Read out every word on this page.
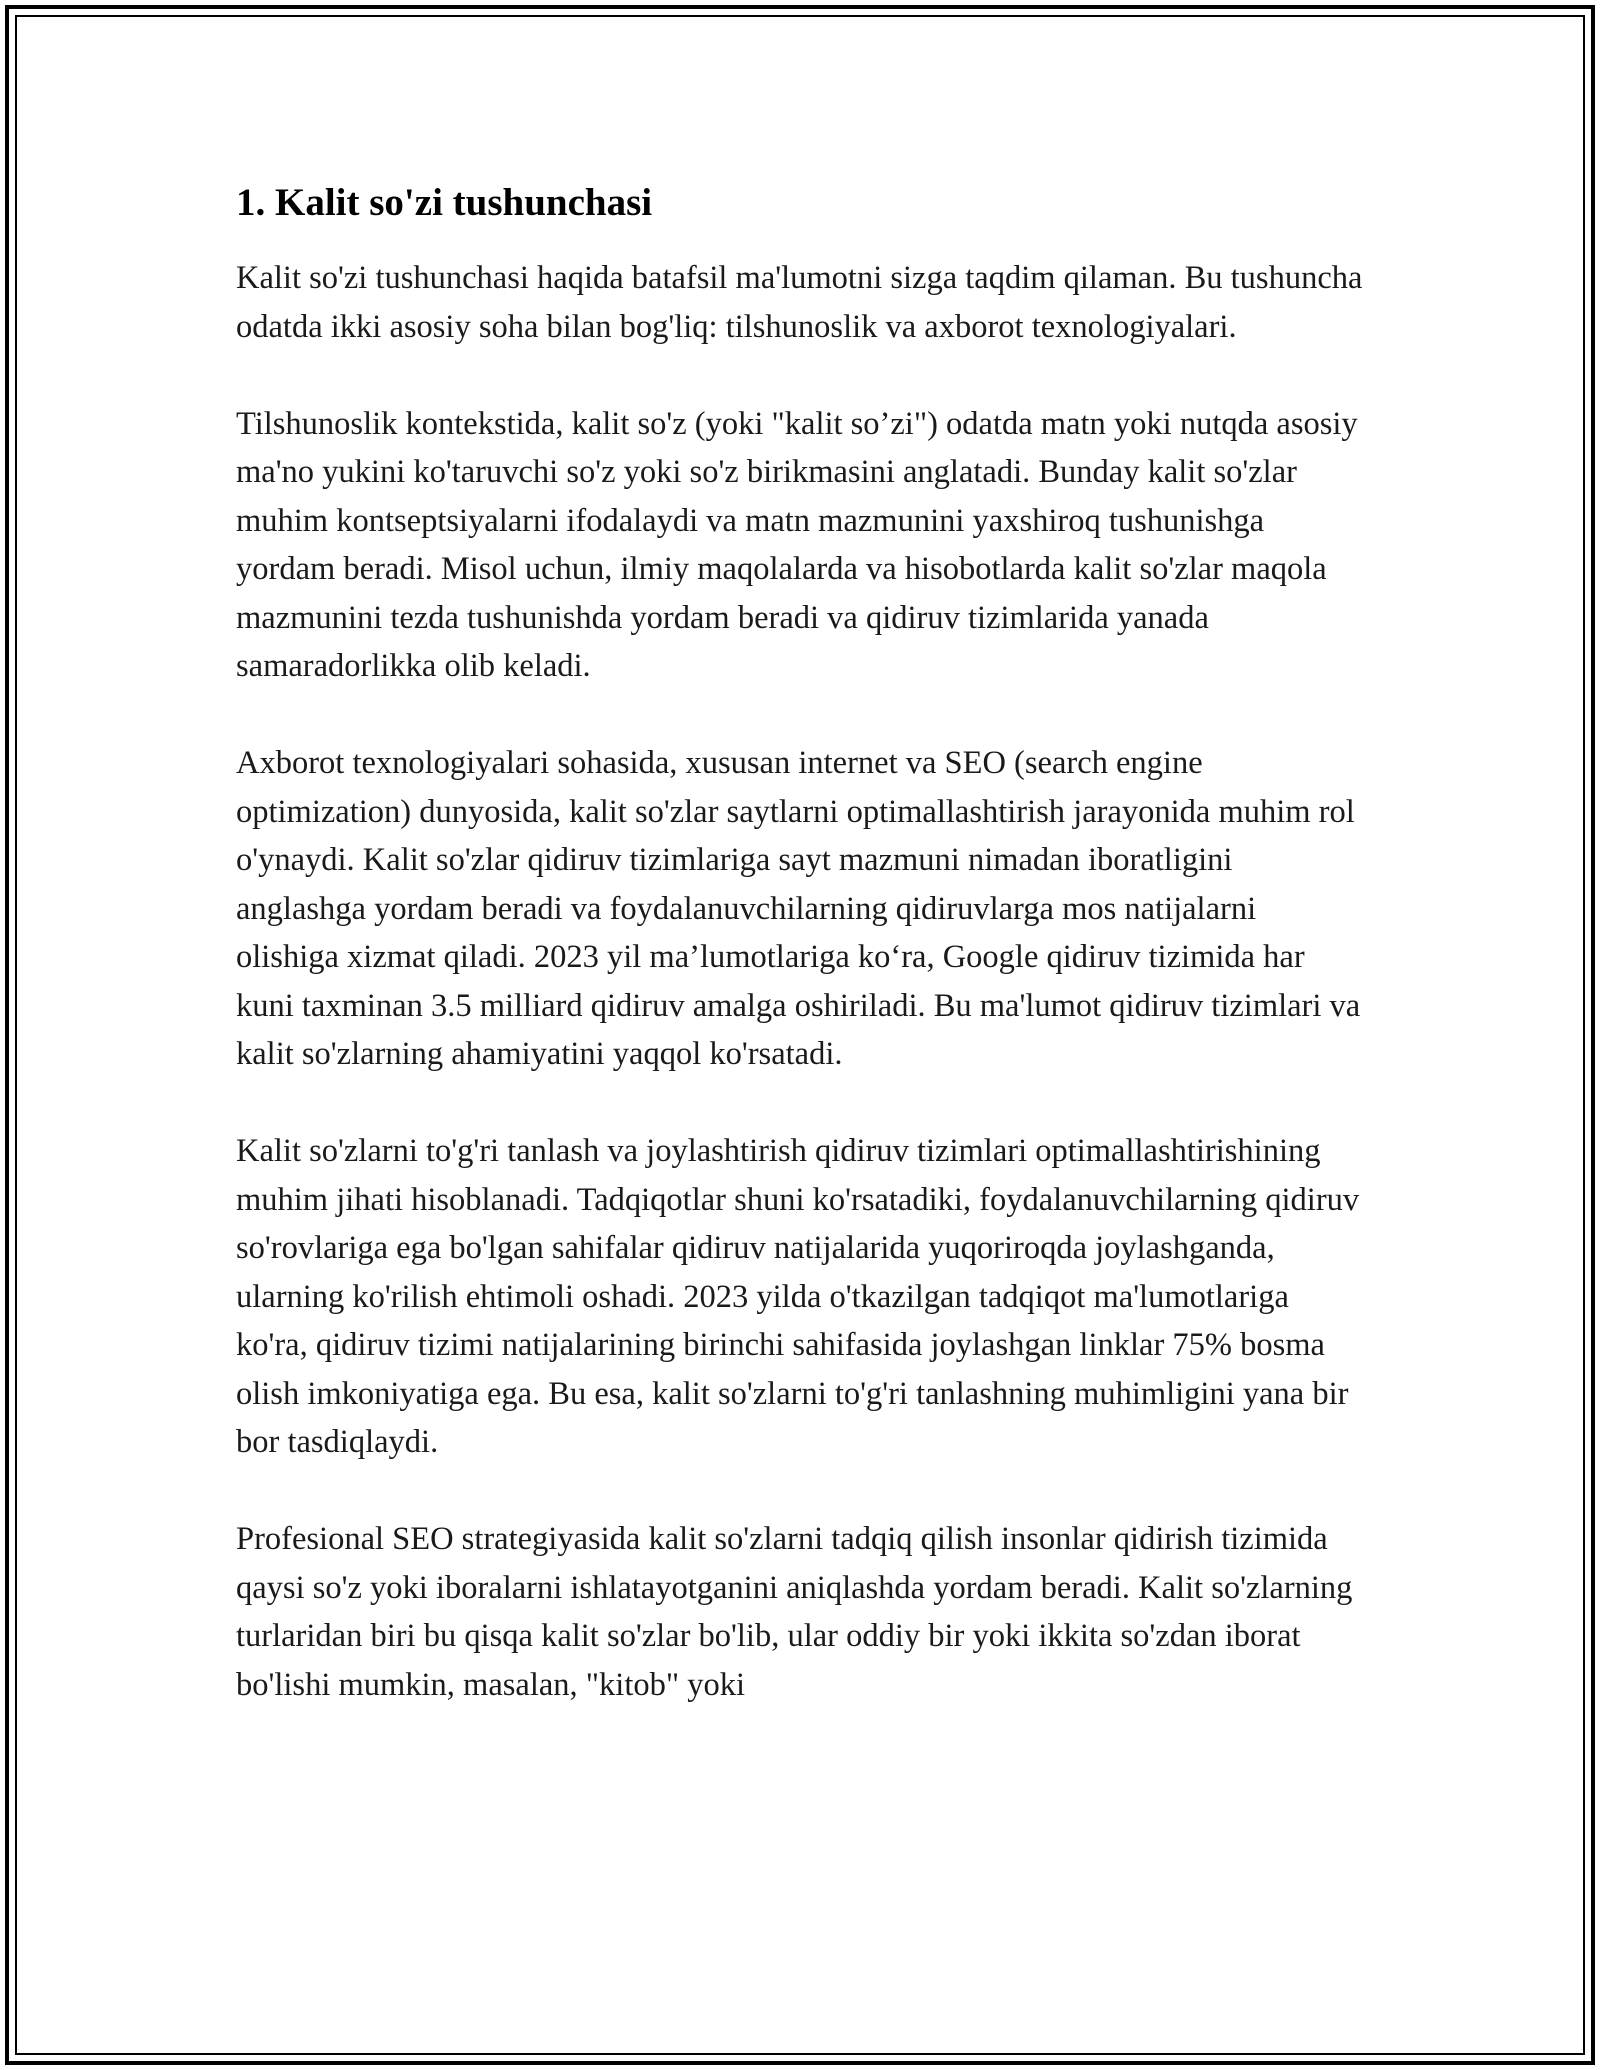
1. Kalit so'zi tushunchasi

Kalit so'zi tushunchasi haqida batafsil ma'lumotni sizga taqdim qilaman. Bu tushuncha odatda ikki asosiy soha bilan bog'liq: tilshunoslik va axborot texnologiyalari.

Tilshunoslik kontekstida, kalit so'z (yoki "kalit so’zi") odatda matn yoki nutqda asosiy ma'no yukini ko'taruvchi so'z yoki so'z birikmasini anglatadi. Bunday kalit so'zlar muhim kontseptsiyalarni ifodalaydi va matn mazmunini yaxshiroq tushunishga yordam beradi. Misol uchun, ilmiy maqolalarda va hisobotlarda kalit so'zlar maqola mazmunini tezda tushunishda yordam beradi va qidiruv tizimlarida yanada samaradorlikka olib keladi.

Axborot texnologiyalari sohasida, xususan internet va SEO (search engine optimization) dunyosida, kalit so'zlar saytlarni optimallashtirish jarayonida muhim rol o'ynaydi. Kalit so'zlar qidiruv tizimlariga sayt mazmuni nimadan iboratligini anglashga yordam beradi va foydalanuvchilarning qidiruvlarga mos natijalarni olishiga xizmat qiladi. 2023 yil ma’lumotlariga ko‘ra, Google qidiruv tizimida har kuni taxminan 3.5 milliard qidiruv amalga oshiriladi. Bu ma'lumot qidiruv tizimlari va kalit so'zlarning ahamiyatini yaqqol ko'rsatadi.

Kalit so'zlarni to'g'ri tanlash va joylashtirish qidiruv tizimlari optimallashtirishining muhim jihati hisoblanadi. Tadqiqotlar shuni ko'rsatadiki, foydalanuvchilarning qidiruv so'rovlariga ega bo'lgan sahifalar qidiruv natijalarida yuqoriroqda joylashganda, ularning ko'rilish ehtimoli oshadi. 2023 yilda o'tkazilgan tadqiqot ma'lumotlariga ko'ra, qidiruv tizimi natijalarining birinchi sahifasida joylashgan linklar 75% bosma olish imkoniyatiga ega. Bu esa, kalit so'zlarni to'g'ri tanlashning muhimligini yana bir bor tasdiqlaydi.

Profesional SEO strategiyasida kalit so'zlarni tadqiq qilish insonlar qidirish tizimida qaysi so'z yoki iboralarni ishlatayotganini aniqlashda yordam beradi. Kalit so'zlarning turlaridan biri bu qisqa kalit so'zlar bo'lib, ular oddiy bir yoki ikkita so'zdan iborat bo'lishi mumkin, masalan, "kitob" yoki
